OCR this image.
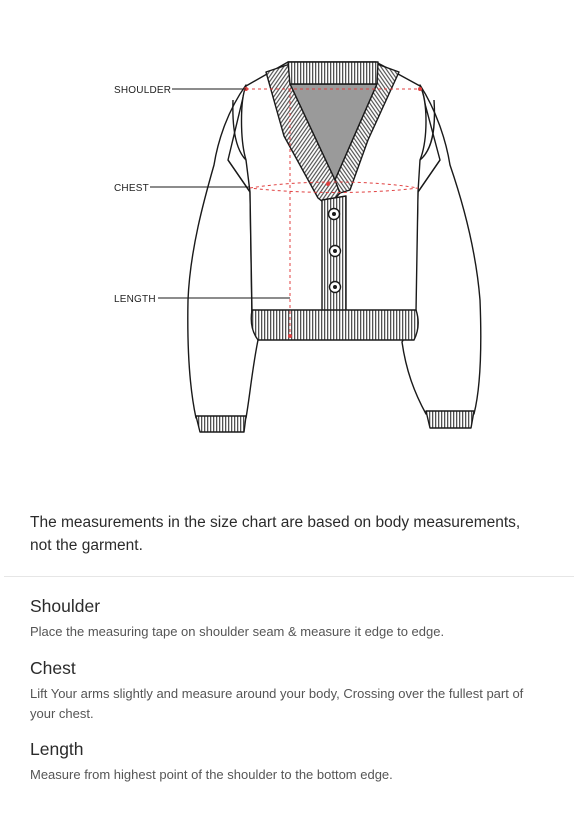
SHOULDER
CHEST
LENGTH
The measurements in the size chart are based on body measurements,
not the garment.
Shoulder

Place the measuring tape on shoulder seam & measure it edge to edge.

Chest

Lift Your arms slightly and measure around your body, Crossing over the fullest part of your chest.

Length

Measure from highest point of the shoulder to the bottom edge.
